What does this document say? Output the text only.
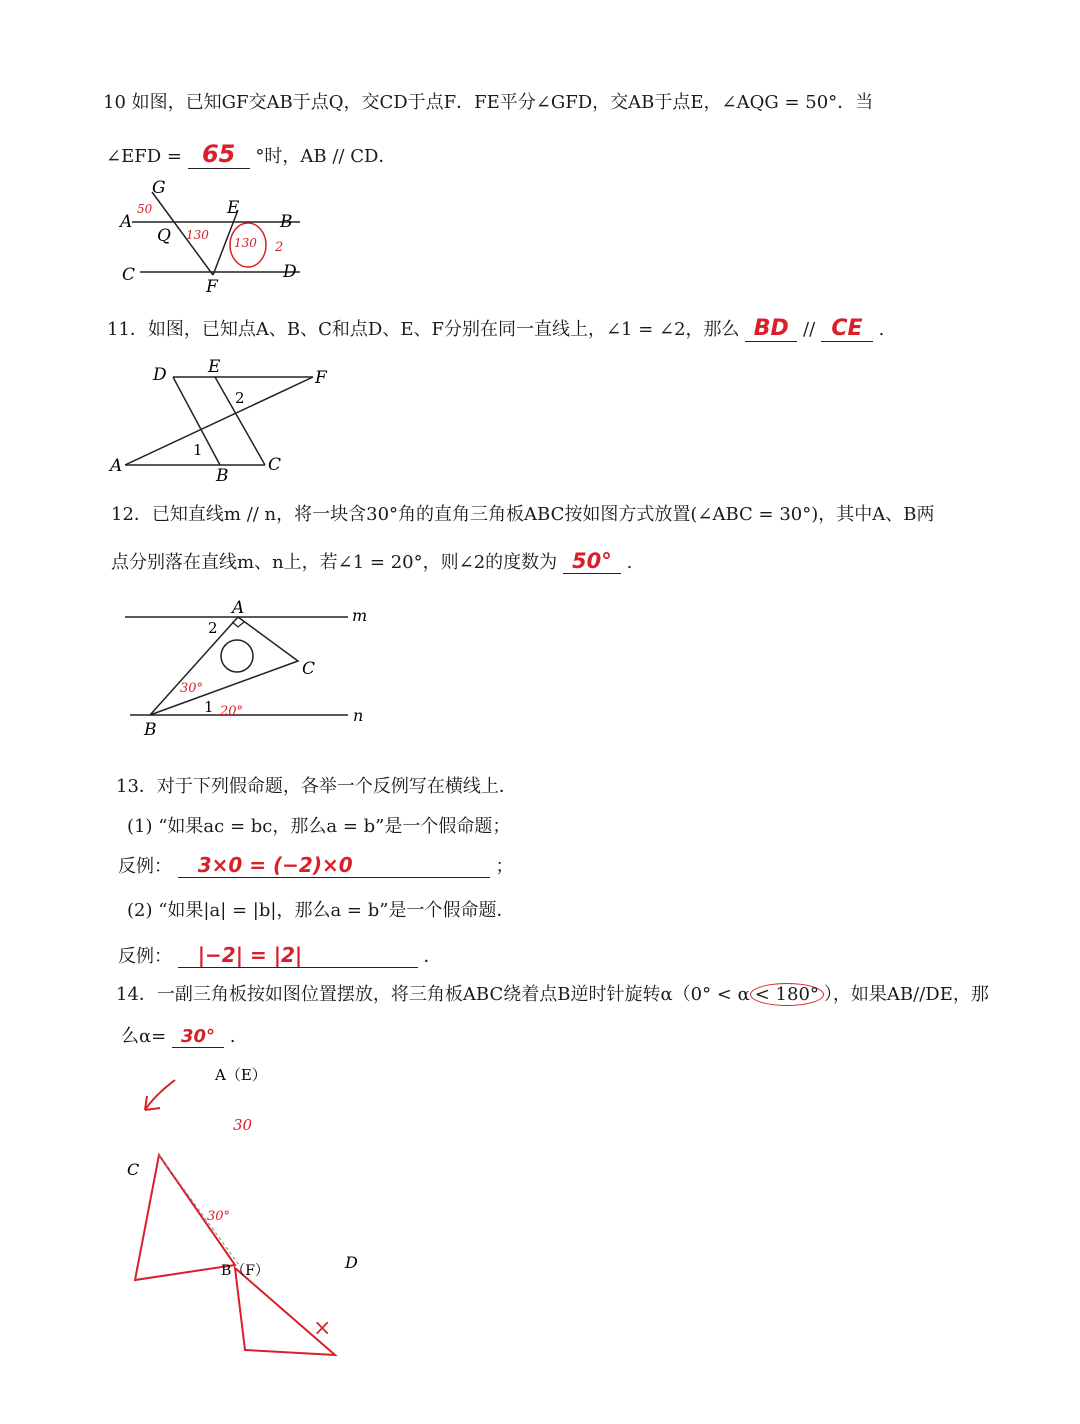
10 如图，已知GF交AB于点Q，交CD于点F．FE平分∠GFD，交AB于点E，∠AQG = 50°．当
∠EFD = 65 °时，AB // CD．
G
A	B
E
Q
C	D
F
50
130
130 2
11．如图，已知点A、B、C和点D、E、F分别在同一直线上，∠1 = ∠2，那么 BD // CE .
D E
F
2
A	B
C
1
12．已知直线m // n，将一块含30°角的直角三角板ABC按如图方式放置(∠ABC = 30°)，其中A、B两
点分别落在直线m、n上，若∠1 = 20°，则∠2的度数为 50° .
A	m
2
C
B
1	n
30°
20°
13．对于下列假命题，各举一个反例写在横线上．
(1) “如果ac = bc，那么a = b”是一个假命题；
反例： 3×0 = (−2)×0	；
(2) “如果|a| = |b|，那么a = b”是一个假命题．
反例： |−2| = |2|	．
14．一副三角板按如图位置摆放，将三角板ABC绕着点B逆时针旋转α（0° < α < 180° ），如果AB//DE，那
么α= 30° .
A（E）
C
B（F）	D
30
30°
×
